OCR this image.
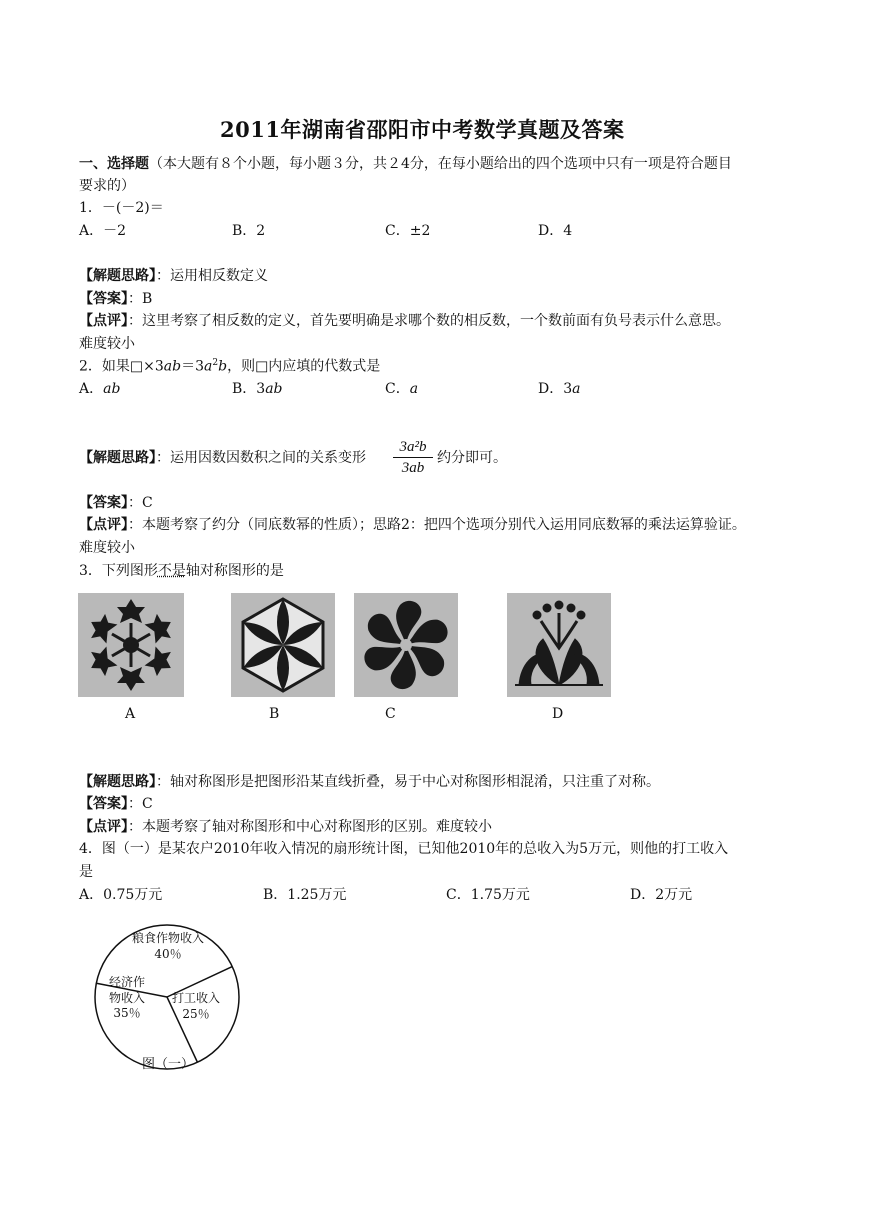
2011年湖南省邵阳市中考数学真题及答案
一、选择题（本大题有８个小题，每小题３分，共２4分，在每小题给出的四个选项中只有一项是符合题目
要求的）
1．－(－2)＝
A．－2	B．2	C．±2	D．4
【解题思路】：运用相反数定义
【答案】：B
【点评】：这里考察了相反数的定义，首先要明确是求哪个数的相反数，一个数前面有负号表示什么意思。
难度较小
2．如果$□\times 3ab=3a^2b$，则□内应填的代数式是
A．ab	B．3ab	C．a	D．3a
【解题思路】：运用因数因数积之间的关系变形
3a²b
3ab
约分即可。
【答案】：C
【点评】：本题考察了约分（同底数幂的性质）；思路2：把四个选项分别代入运用同底数幂的乘法运算验证。
难度较小
3．下列图形不是轴对称图形的是
A	B	C	D
【解题思路】：轴对称图形是把图形沿某直线折叠，易于中心对称图形相混淆，只注重了对称。
【答案】：C
【点评】：本题考察了轴对称图形和中心对称图形的区别。难度较小
4．图（一）是某农户2010年收入情况的扇形统计图，已知他2010年的总收入为5万元，则他的打工收入
是
A．0.75万元	B．1.25万元	C．1.75万元	D．2万元
粮食作物收入
40％
经济作
物收入
35％
打工收入
25％
图（一）
